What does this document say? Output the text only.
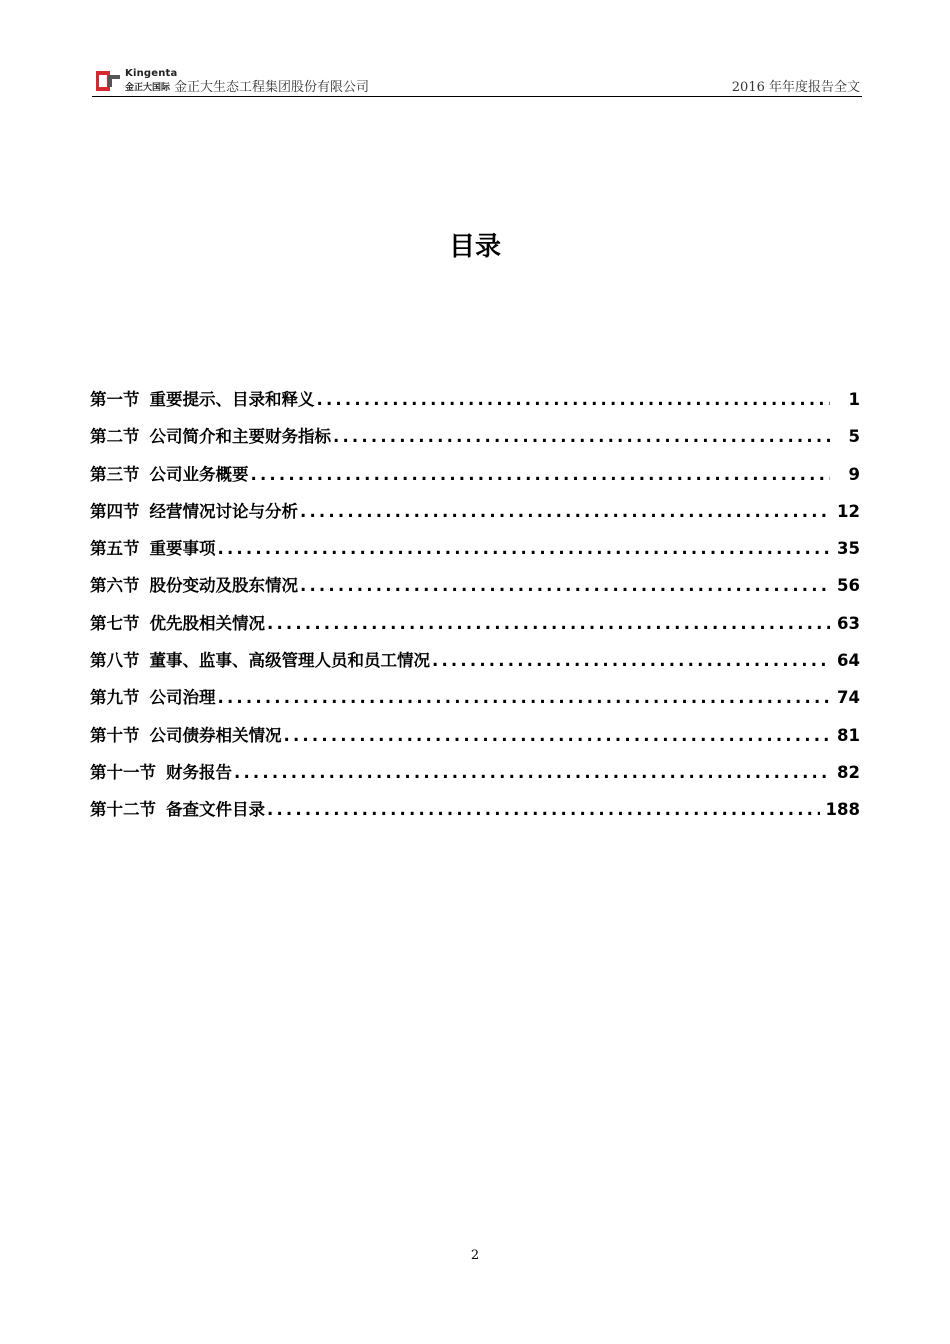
Kingenta
金正大国际 金正大生态工程集团股份有限公司	2016 年年度报告全文
目录
第一节 重要提示、目录和释义 .....	1
第二节 公司简介和主要财务指标 .....	5
第三节 公司业务概要 .....	9
第四节 经营情况讨论与分析 .....	12
第五节 重要事项 .....	35
第六节 股份变动及股东情况 .....	56
第七节 优先股相关情况 .....	63
第八节 董事、监事、高级管理人员和员工情况 .....	64
第九节 公司治理 .....	74
第十节 公司债券相关情况 .....	81
第十一节 财务报告 .....	82
第十二节 备查文件目录 .....	188
2
